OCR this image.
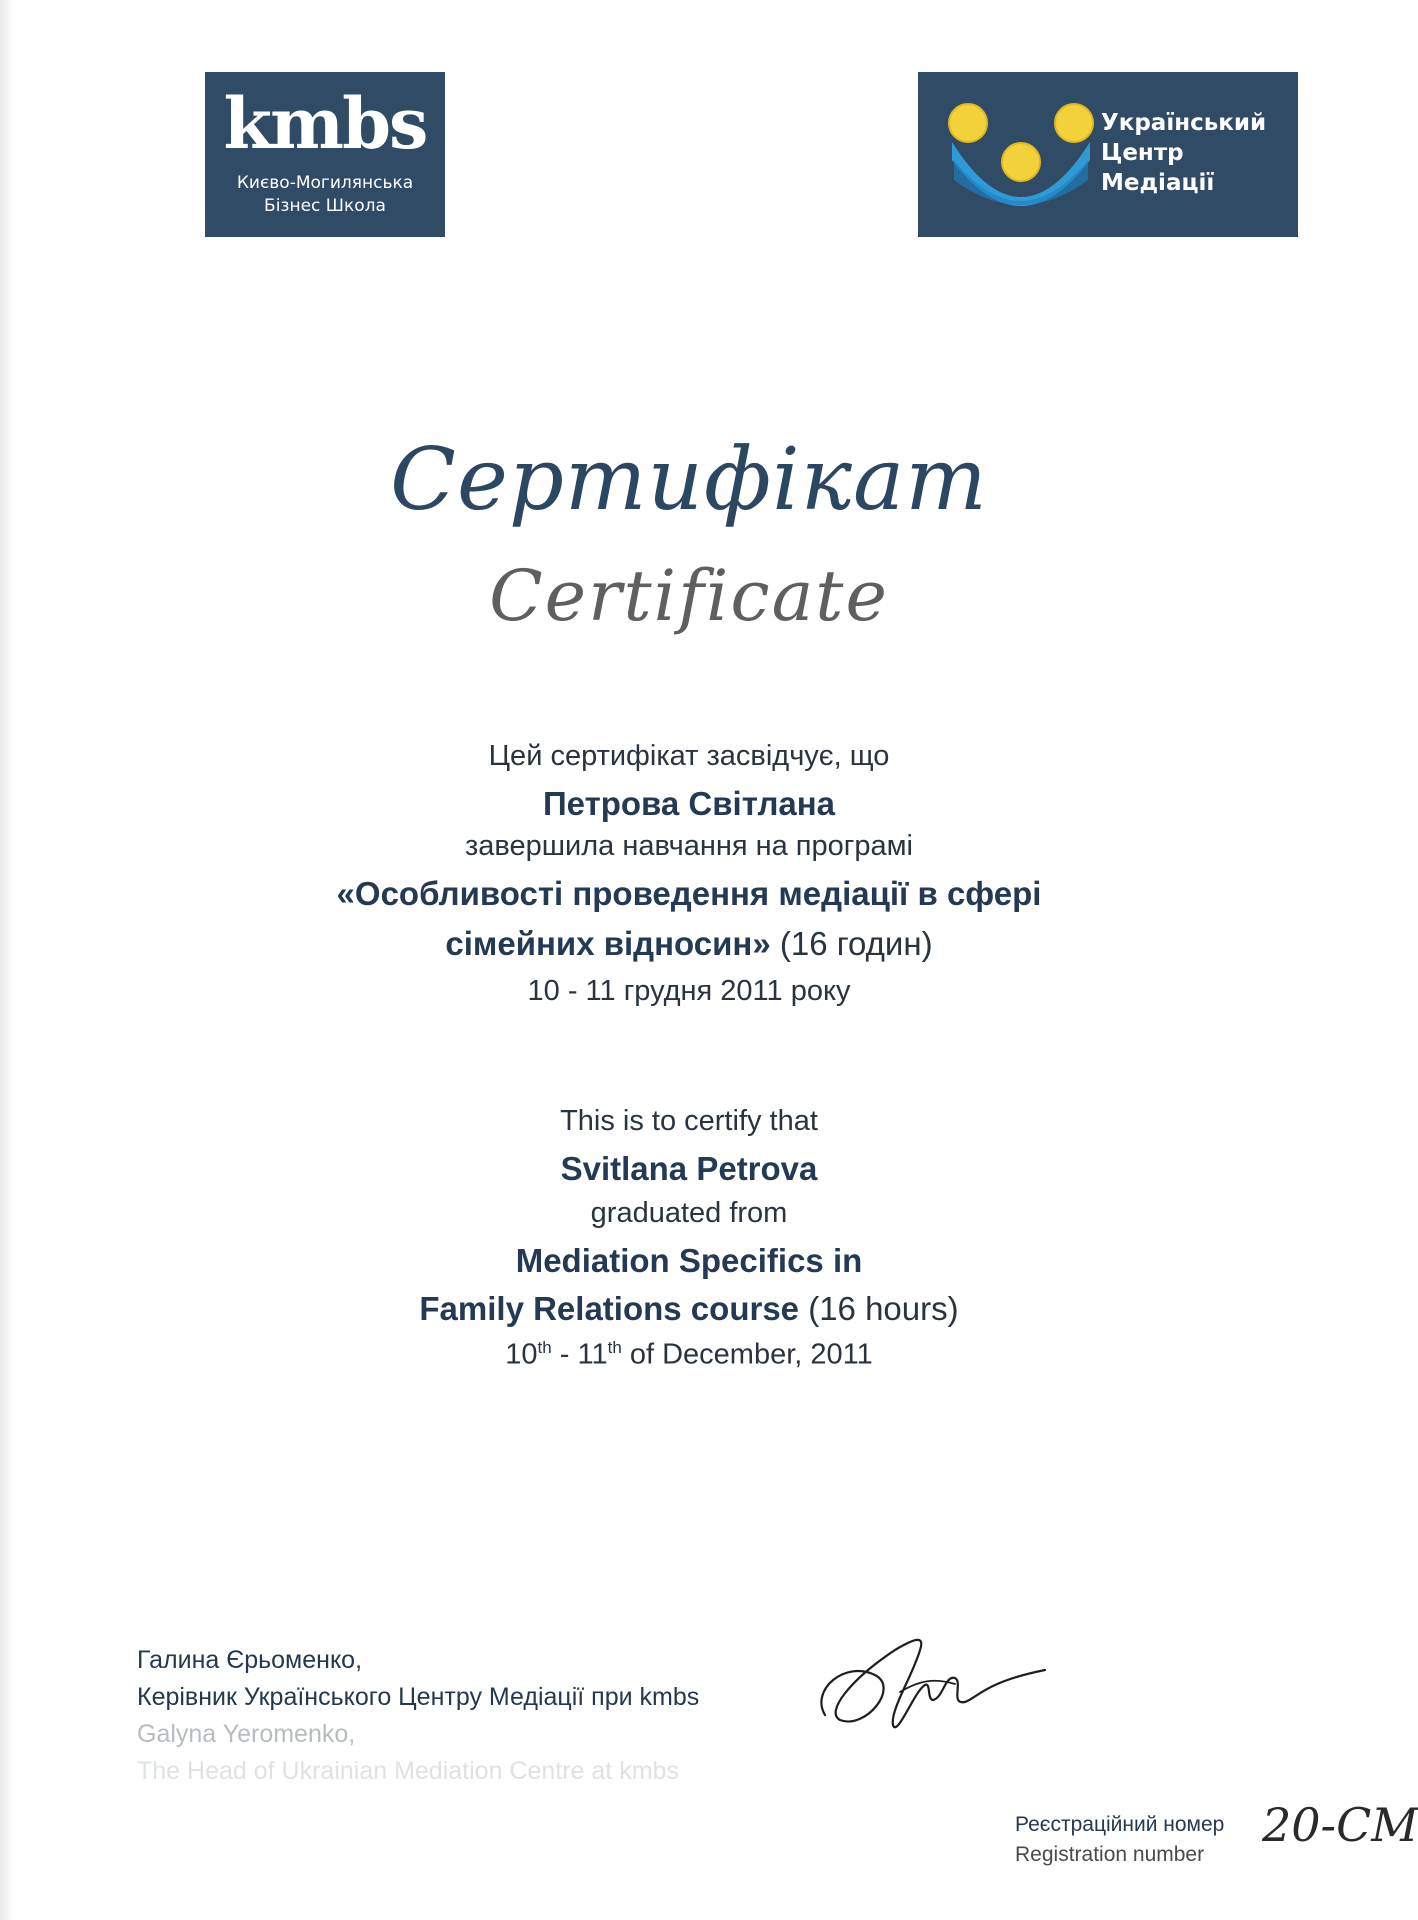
kmbs
Києво-Могилянська
Бізнес Школа
Український
Центр
Медіації
Сертифікат
Certificate
Цей сертифікат засвідчує, що
Петрова Світлана
завершила навчання на програмі
«Особливості проведення медіації в сфері
сімейних відносин» (16 годин)
10 - 11 грудня 2011 року
This is to certify that
Svitlana Petrova
graduated from
Mediation Specifics in
Family Relations course (16 hours)
10th - 11th of December, 2011
Галина Єрьоменко,
Керівник Українського Центру Медіації при kmbs
Galyna Yeromenko,
The Head of Ukrainian Mediation Centre at kmbs
Реєстраційний номер
Registration number
20-СМ
